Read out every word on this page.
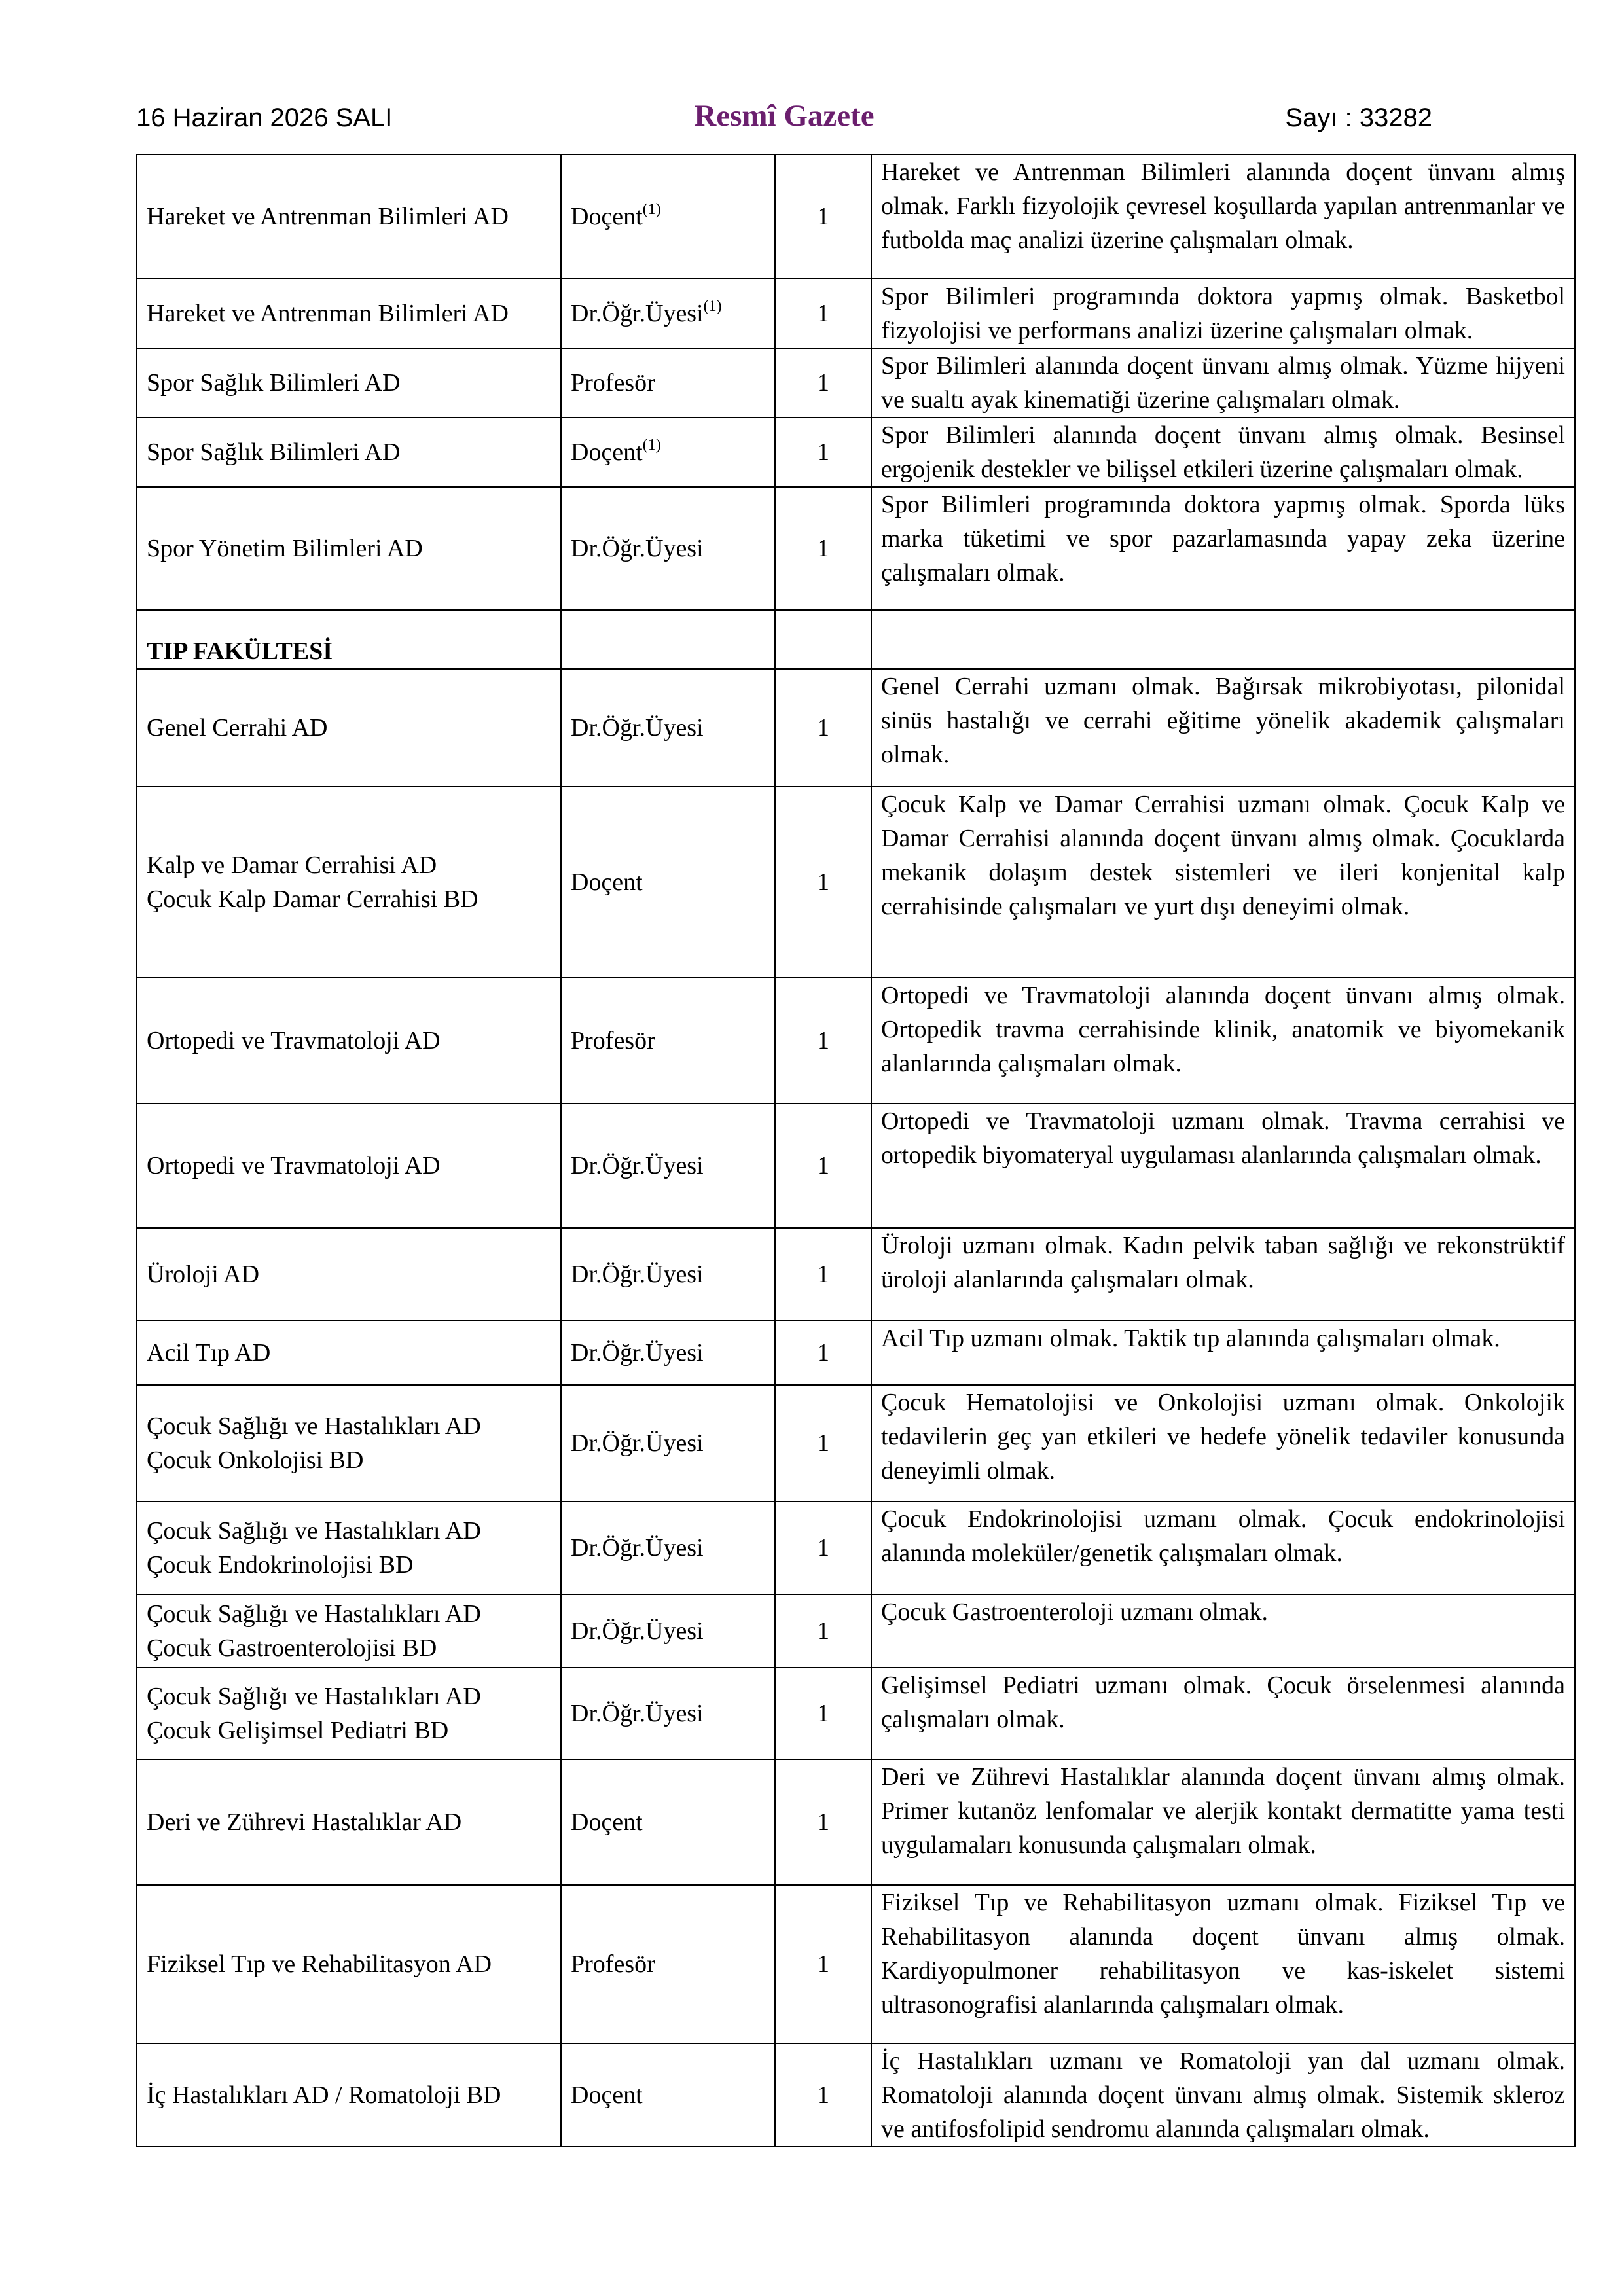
16 Haziran 2026 SALI	Resmî Gazete	Sayı : 33282
Hareket ve Antrenman Bilimleri AD	Doçent$^{(1)}$	1	Hareket ve Antrenman Bilimleri alanında doçent ünvanı almış olmak. Farklı fizyolojik çevresel koşullarda yapılan antrenmanlar ve futbolda maç analizi üzerine çalışmaları olmak.

Hareket ve Antrenman Bilimleri AD	Dr.Öğr.Üyesi$^{(1)}$	1	Spor Bilimleri programında doktora yapmış olmak. Basketbol fizyolojisi ve performans analizi üzerine çalışmaları olmak.

Spor Sağlık Bilimleri AD	Profesör	1	Spor Bilimleri alanında doçent ünvanı almış olmak. Yüzme hijyeni ve sualtı ayak kinematiği üzerine çalışmaları olmak.

Spor Sağlık Bilimleri AD	Doçent$^{(1)}$	1	Spor Bilimleri alanında doçent ünvanı almış olmak. Besinsel ergojenik destekler ve bilişsel etkileri üzerine çalışmaları olmak.

Spor Yönetim Bilimleri AD	Dr.Öğr.Üyesi	1	Spor Bilimleri programında doktora yapmış olmak. Sporda lüks marka tüketimi ve spor pazarlamasında yapay zeka üzerine çalışmaları olmak.
TIP FAKÜLTESİ			

Genel Cerrahi AD	Dr.Öğr.Üyesi	1	Genel Cerrahi uzmanı olmak. Bağırsak mikrobiyotası, pilonidal sinüs hastalığı ve cerrahi eğitime yönelik akademik çalışmaları olmak.

Kalp ve Damar Cerrahisi AD
Çocuk Kalp Damar Cerrahisi BD	Doçent	1	Çocuk Kalp ve Damar Cerrahisi uzmanı olmak. Çocuk Kalp ve Damar Cerrahisi alanında doçent ünvanı almış olmak. Çocuklarda mekanik dolaşım destek sistemleri ve ileri konjenital kalp cerrahisinde çalışmaları ve yurt dışı deneyimi olmak.

Ortopedi ve Travmatoloji AD	Profesör	1	Ortopedi ve Travmatoloji alanında doçent ünvanı almış olmak. Ortopedik travma cerrahisinde klinik, anatomik ve biyomekanik alanlarında çalışmaları olmak.

Ortopedi ve Travmatoloji AD	Dr.Öğr.Üyesi	1	Ortopedi ve Travmatoloji uzmanı olmak. Travma cerrahisi ve ortopedik biyomateryal uygulaması alanlarında çalışmaları olmak.

Üroloji AD	Dr.Öğr.Üyesi	1	Üroloji uzmanı olmak. Kadın pelvik taban sağlığı ve rekonstrüktif üroloji alanlarında çalışmaları olmak.

Acil Tıp AD	Dr.Öğr.Üyesi	1	Acil Tıp uzmanı olmak. Taktik tıp alanında çalışmaları olmak.

Çocuk Sağlığı ve Hastalıkları AD
Çocuk Onkolojisi BD	Dr.Öğr.Üyesi	1	Çocuk Hematolojisi ve Onkolojisi uzmanı olmak. Onkolojik tedavilerin geç yan etkileri ve hedefe yönelik tedaviler konusunda deneyimli olmak.

Çocuk Sağlığı ve Hastalıkları AD
Çocuk Endokrinolojisi BD	Dr.Öğr.Üyesi	1	Çocuk Endokrinolojisi uzmanı olmak. Çocuk endokrinolojisi alanında moleküler/genetik çalışmaları olmak.

Çocuk Sağlığı ve Hastalıkları AD
Çocuk Gastroenterolojisi BD	Dr.Öğr.Üyesi	1	Çocuk Gastroenteroloji uzmanı olmak.

Çocuk Sağlığı ve Hastalıkları AD
Çocuk Gelişimsel Pediatri BD	Dr.Öğr.Üyesi	1	Gelişimsel Pediatri uzmanı olmak. Çocuk örselenmesi alanında çalışmaları olmak.

Deri ve Zührevi Hastalıklar AD	Doçent	1	Deri ve Zührevi Hastalıklar alanında doçent ünvanı almış olmak. Primer kutanöz lenfomalar ve alerjik kontakt dermatitte yama testi uygulamaları konusunda çalışmaları olmak.

Fiziksel Tıp ve Rehabilitasyon AD	Profesör	1	Fiziksel Tıp ve Rehabilitasyon uzmanı olmak. Fiziksel Tıp ve Rehabilitasyon alanında doçent ünvanı almış olmak. Kardiyopulmoner rehabilitasyon ve kas-iskelet sistemi ultrasonografisi alanlarında çalışmaları olmak.

İç Hastalıkları AD / Romatoloji BD	Doçent	1	İç Hastalıkları uzmanı ve Romatoloji yan dal uzmanı olmak. Romatoloji alanında doçent ünvanı almış olmak. Sistemik skleroz ve antifosfolipid sendromu alanında çalışmaları olmak.
